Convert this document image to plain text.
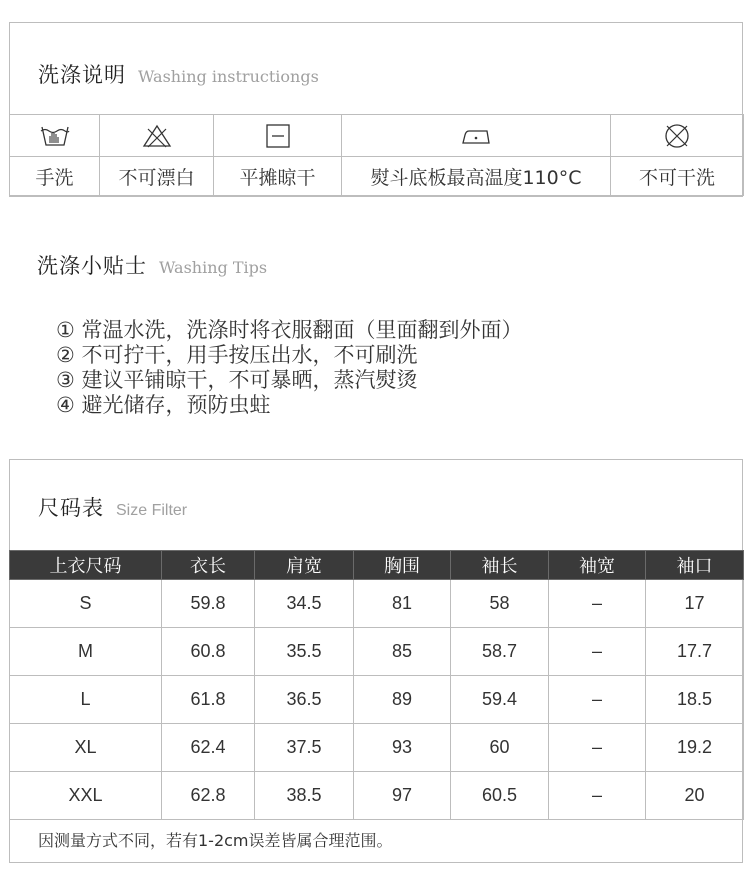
洗涤说明 Washing instructiongs

手洗	不可漂白	平摊晾干	熨斗底板最高温度110°C	不可干洗
洗涤小贴士 Washing Tips
① 常温水洗，洗涤时将衣服翻面（里面翻到外面）
② 不可拧干，用手按压出水，不可刷洗
③ 建议平铺晾干，不可暴晒，蒸汽熨烫
④ 避光储存，预防虫蛀
尺码表 Size Filter
上衣尺码	衣长	肩宽	胸围	袖长	袖宽	袖口
S	59.8	34.5	81	58	–	17
M	60.8	35.5	85	58.7	–	17.7
L	61.8	36.5	89	59.4	–	18.5
XL	62.4	37.5	93	60	–	19.2
XXL	62.8	38.5	97	60.5	–	20
因测量方式不同，若有1-2cm误差皆属合理范围。
